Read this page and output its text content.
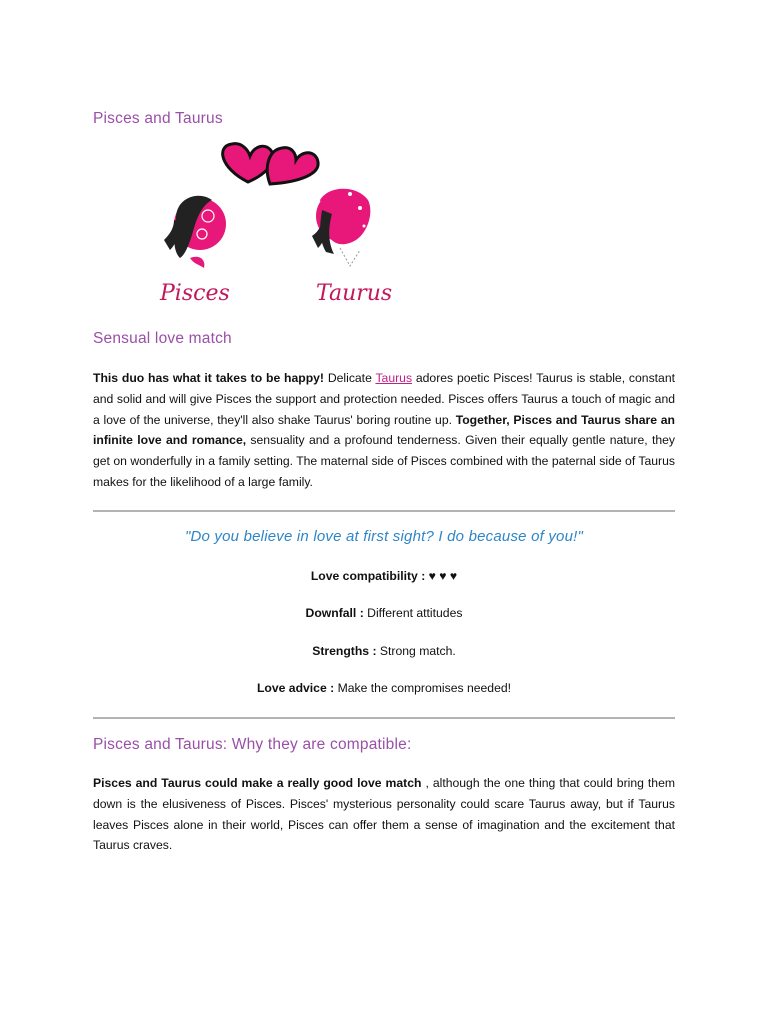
Pisces and Taurus
Pisces	Taurus
Sensual love match

This duo has what it takes to be happy! Delicate Taurus adores poetic Pisces! Taurus is stable, constant and solid and will give Pisces the support and protection needed. Pisces offers Taurus a touch of magic and a love of the universe, they'll also shake Taurus' boring routine up. Together, Pisces and Taurus share an infinite love and romance, sensuality and a profound tenderness. Given their equally gentle nature, they get on wonderfully in a family setting. The maternal side of Pisces combined with the paternal side of Taurus makes for the likelihood of a large family.

"Do you believe in love at first sight? I do because of you!"
Love compatibility : ♥ ♥ ♥
Downfall : Different attitudes
Strengths : Strong match.
Love advice : Make the compromises needed!
Pisces and Taurus: Why they are compatible:

Pisces and Taurus could make a really good love match , although the one thing that could bring them down is the elusiveness of Pisces. Pisces' mysterious personality could scare Taurus away, but if Taurus leaves Pisces alone in their world, Pisces can offer them a sense of imagination and the excitement that Taurus craves.
